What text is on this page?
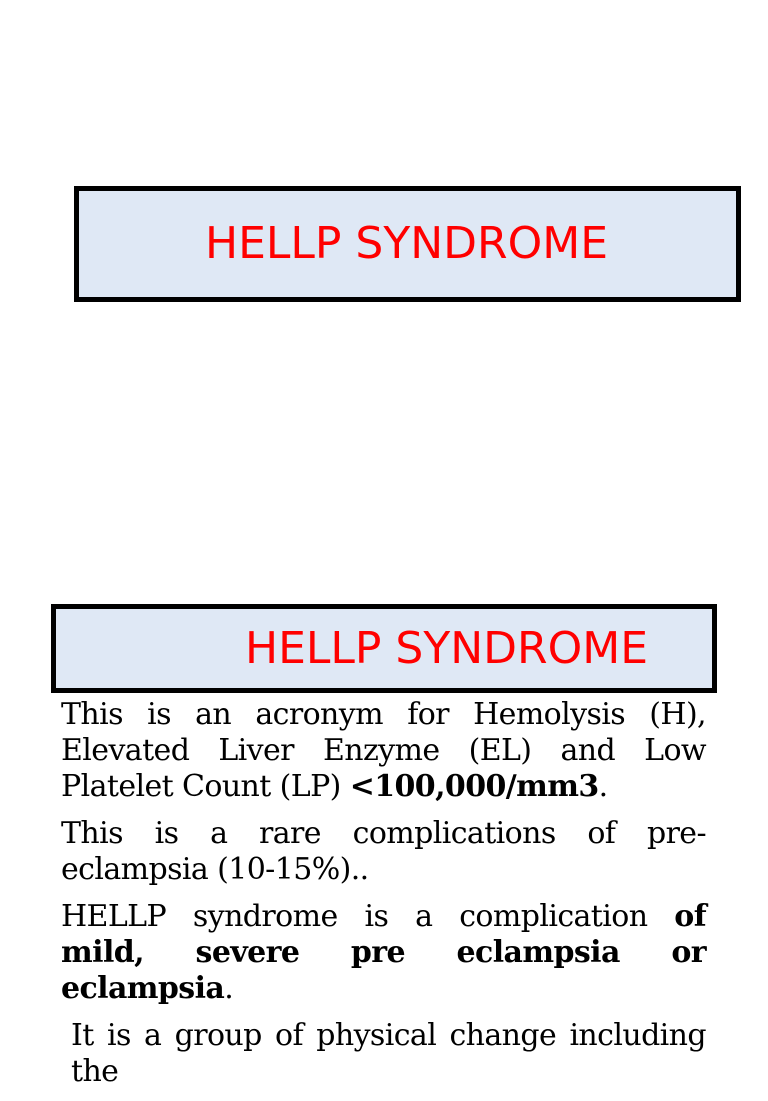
HELLP SYNDROME
HELLP SYNDROME

This is an acronym for Hemolysis (H), Elevated Liver Enzyme (EL) and Low Platelet Count (LP) <100,000/mm3.

This is a rare complications of pre-eclampsia (10-15%)..

HELLP syndrome is a complication of mild, severe pre eclampsia or eclampsia.

It is a group of physical change including the
